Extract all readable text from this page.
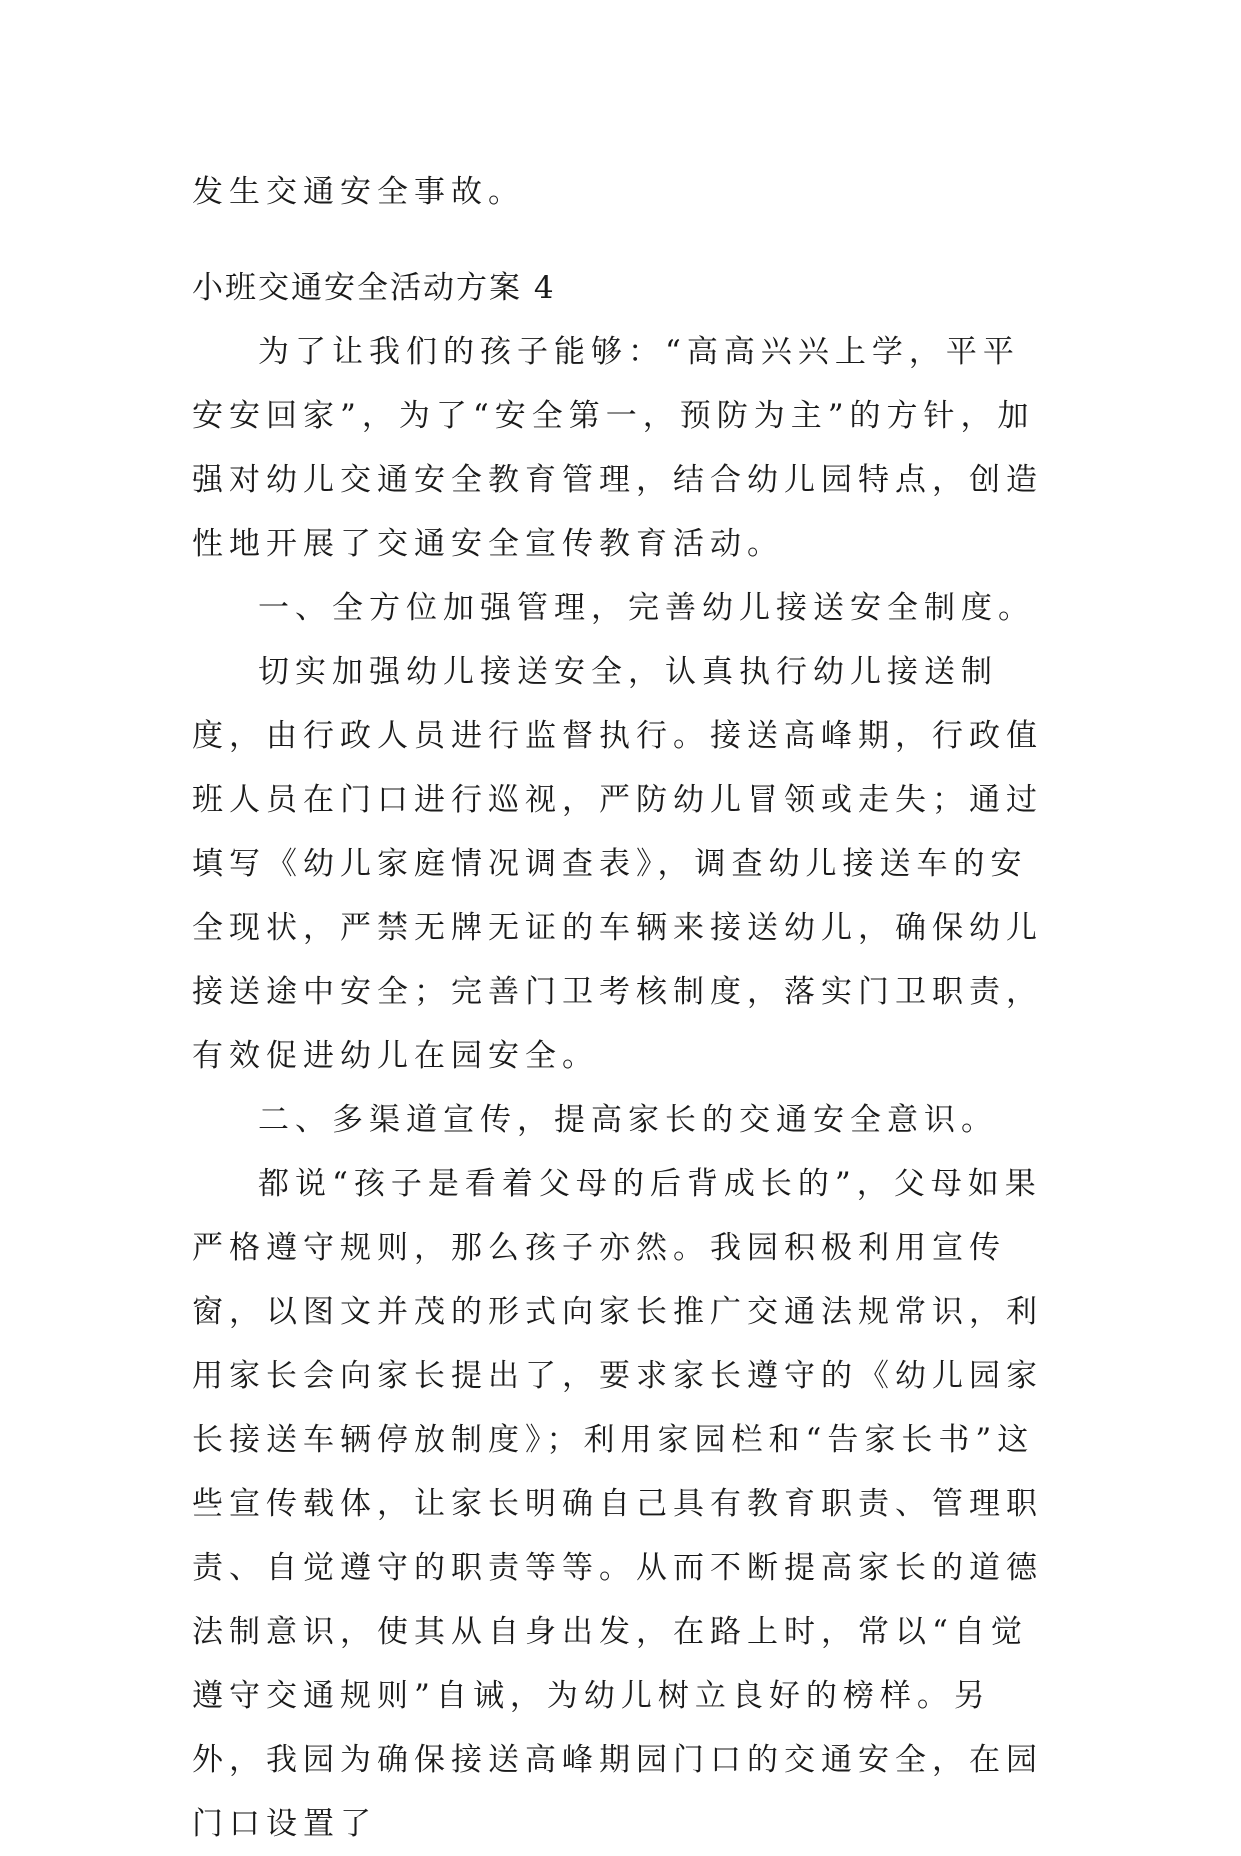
发生交通安全事故。

小班交通安全活动方案 4

为了让我们的孩子能够：“高高兴兴上学，平平安安回家”，为了“安全第一，预防为主”的方针，加强对幼儿交通安全教育管理，结合幼儿园特点，创造性地开展了交通安全宣传教育活动。

一、全方位加强管理，完善幼儿接送安全制度。

切实加强幼儿接送安全，认真执行幼儿接送制度，由行政人员进行监督执行。接送高峰期，行政值班人员在门口进行巡视，严防幼儿冒领或走失；通过填写《幼儿家庭情况调查表》，调查幼儿接送车的安全现状，严禁无牌无证的车辆来接送幼儿，确保幼儿接送途中安全；完善门卫考核制度，落实门卫职责，有效促进幼儿在园安全。

二、多渠道宣传，提高家长的交通安全意识。

都说“孩子是看着父母的后背成长的”，父母如果严格遵守规则，那么孩子亦然。我园积极利用宣传窗，以图文并茂的形式向家长推广交通法规常识，利用家长会向家长提出了，要求家长遵守的《幼儿园家长接送车辆停放制度》；利用家园栏和“告家长书”这些宣传载体，让家长明确自己具有教育职责、管理职责、自觉遵守的职责等等。从而不断提高家长的道德法制意识，使其从自身出发，在路上时，常以“自觉遵守交通规则”自诫，为幼儿树立良好的榜样。另外，我园为确保接送高峰期园门口的交通安全，在园门口设置了
